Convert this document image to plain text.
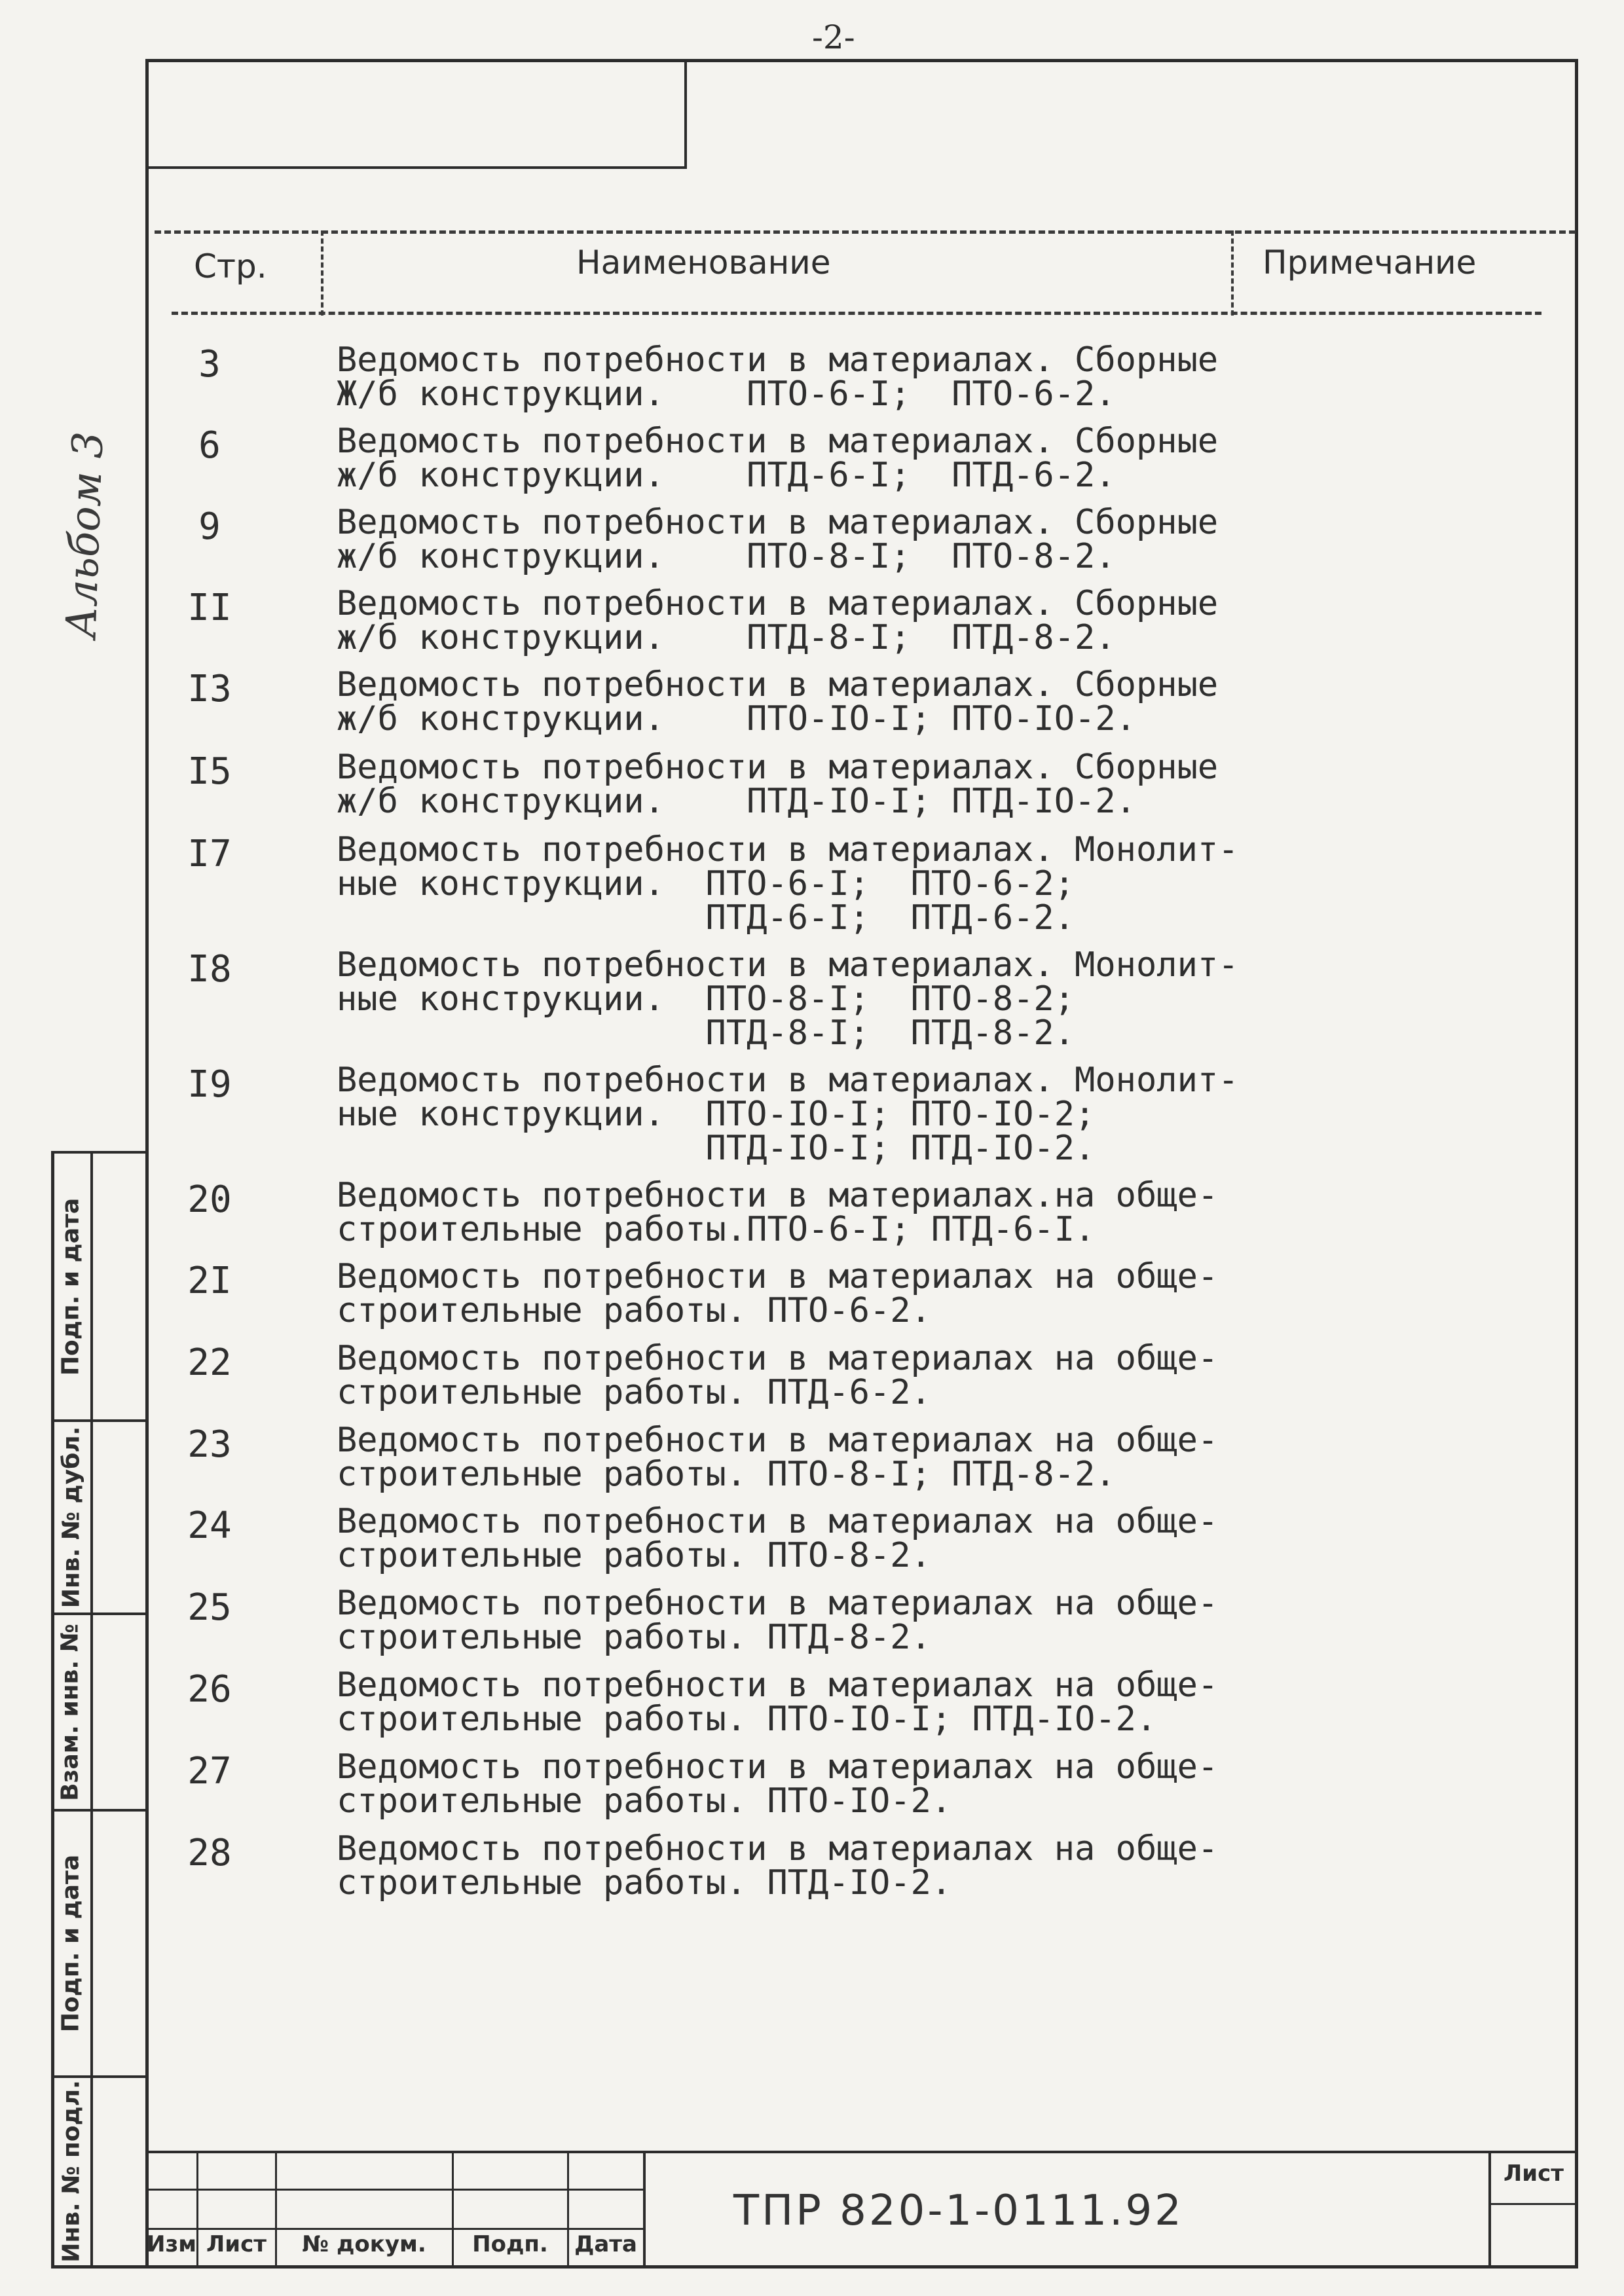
-2-
Альбом 3
Стр.	Наименование	Примечание
3	Ведомость потребности в материалах. Сборные
Ж/б конструкции.    ПТО-6-I;  ПТО-6-2.
6	Ведомость потребности в материалах. Сборные
ж/б конструкции.    ПТД-6-I;  ПТД-6-2.
9	Ведомость потребности в материалах. Сборные
ж/б конструкции.    ПТО-8-I;  ПТО-8-2.
II	Ведомость потребности в материалах. Сборные
ж/б конструкции.    ПТД-8-I;  ПТД-8-2.
I3	Ведомость потребности в материалах. Сборные
ж/б конструкции.    ПТО-IO-I; ПТО-IO-2.
I5	Ведомость потребности в материалах. Сборные
ж/б конструкции.    ПТД-IO-I; ПТД-IO-2.
I7	Ведомость потребности в материалах. Монолит-
ные конструкции.  ПТО-6-I;  ПТО-6-2;
ПТД-6-I;  ПТД-6-2.
I8	Ведомость потребности в материалах. Монолит-
ные конструкции.  ПТО-8-I;  ПТО-8-2;
ПТД-8-I;  ПТД-8-2.
I9	Ведомость потребности в материалах. Монолит-
ные конструкции.  ПТО-IO-I; ПТО-IO-2;
ПТД-IO-I; ПТД-IO-2.
20	Ведомость потребности в материалах.на обще-
строительные работы.ПТО-6-I; ПТД-6-I.
2I	Ведомость потребности в материалах на обще-
строительные работы. ПТО-6-2.
22	Ведомость потребности в материалах на обще-
строительные работы. ПТД-6-2.
23	Ведомость потребности в материалах на обще-
строительные работы. ПТО-8-I; ПТД-8-2.
24	Ведомость потребности в материалах на обще-
строительные работы. ПТО-8-2.
25	Ведомость потребности в материалах на обще-
строительные работы. ПТД-8-2.
26	Ведомость потребности в материалах на обще-
строительные работы. ПТО-IO-I; ПТД-IO-2.
27	Ведомость потребности в материалах на обще-
строительные работы. ПТО-IO-2.
28	Ведомость потребности в материалах на обще-
строительные работы. ПТД-IO-2.
Подп. и дата
Инв. № дубл.
Взам. инв. №
Подп. и дата
Инв. № подл.	Изм Лист	№ докум.	Подп.	Дата
ТПР 820-1-0111.92
Лист
